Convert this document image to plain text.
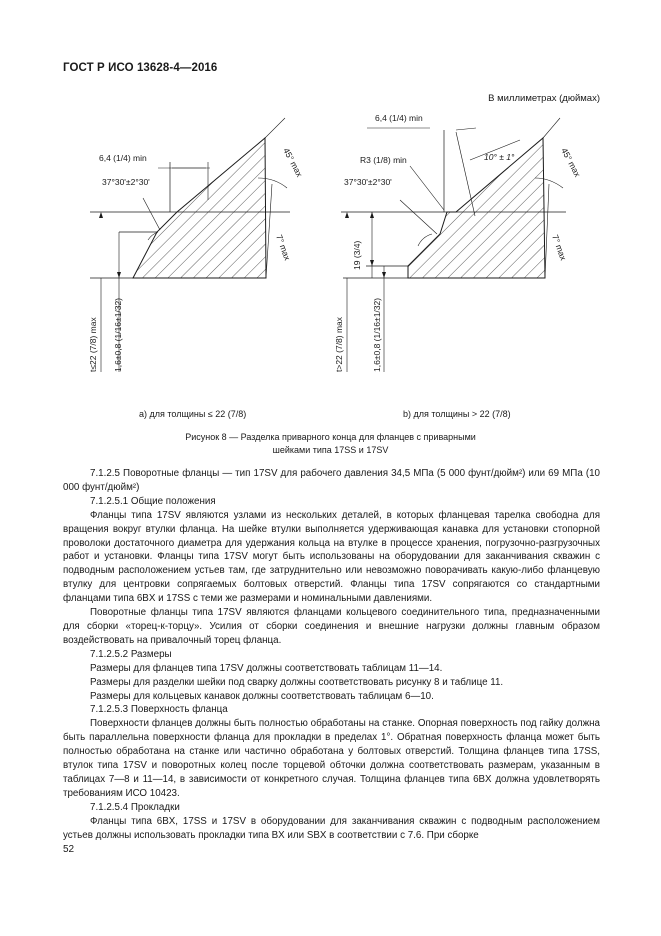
ГОСТ Р ИСО 13628-4—2016
В миллиметрах (дюймах)
6,4 (1/4) min
37°30'±2°30'
45° max
7° max
t≤22 (7/8) max 1,6±0,8 (1/16±1/32)
6,4 (1/4) min
R3 (1/8) min	10° ± 1°
37°30'±2°30'
45° max
7° max
19 (3/4)
t>22 (7/8) max	1,6±0,8 (1/16±1/32)
а) для толщины ≤ 22 (7/8)	b) для толщины > 22 (7/8)
Рисунок 8 — Разделка приварного конца для фланцев с приварными
шейками типа 17SS и 17SV

7.1.2.5 Поворотные фланцы — тип 17SV для рабочего давления 34,5 МПа (5 000 фунт/дюйм²) или 69 МПа (10 000 фунт/дюйм²)

7.1.2.5.1 Общие положения

Фланцы типа 17SV являются узлами из нескольких деталей, в которых фланцевая тарелка свободна для вращения вокруг втулки фланца. На шейке втулки выполняется удерживающая канавка для установки стопорной проволоки достаточного диаметра для удержания кольца на втулке в процессе хранения, погрузочно-разгрузочных работ и установки. Фланцы типа 17SV могут быть использованы на оборудовании для заканчивания скважин с подводным расположением устьев там, где затруднительно или невозможно поворачивать какую-либо фланцевую втулку для центровки сопрягаемых болтовых отверстий. Фланцы типа 17SV сопрягаются со стандартными фланцами типа 6BX и 17SS с теми же размерами и номинальными давлениями.

Поворотные фланцы типа 17SV являются фланцами кольцевого соединительного типа, предназначенными для сборки «торец-к-торцу». Усилия от сборки соединения и внешние нагрузки должны главным образом воздействовать на привалочный торец фланца.

7.1.2.5.2 Размеры

Размеры для фланцев типа 17SV должны соответствовать таблицам 11—14.

Размеры для разделки шейки под сварку должны соответствовать рисунку 8 и таблице 11.

Размеры для кольцевых канавок должны соответствовать таблицам 6—10.

7.1.2.5.3 Поверхность фланца

Поверхности фланцев должны быть полностью обработаны на станке. Опорная поверхность под гайку должна быть параллельна поверхности фланца для прокладки в пределах 1°. Обратная поверхность фланца может быть полностью обработана на станке или частично обработана у болтовых отверстий. Толщина фланцев типа 17SS, втулок типа 17SV и поворотных колец после торцевой обточки должна соответствовать размерам, указанным в таблицах 7—8 и 11—14, в зависимости от конкретного случая. Толщина фланцев типа 6BX должна удовлетворять требованиям ИСО 10423.

7.1.2.5.4 Прокладки

Фланцы типа 6BX, 17SS и 17SV в оборудовании для заканчивания скважин с подводным расположением устьев должны использовать прокладки типа BX или SBX в соответствии с 7.6. При сборке

52
